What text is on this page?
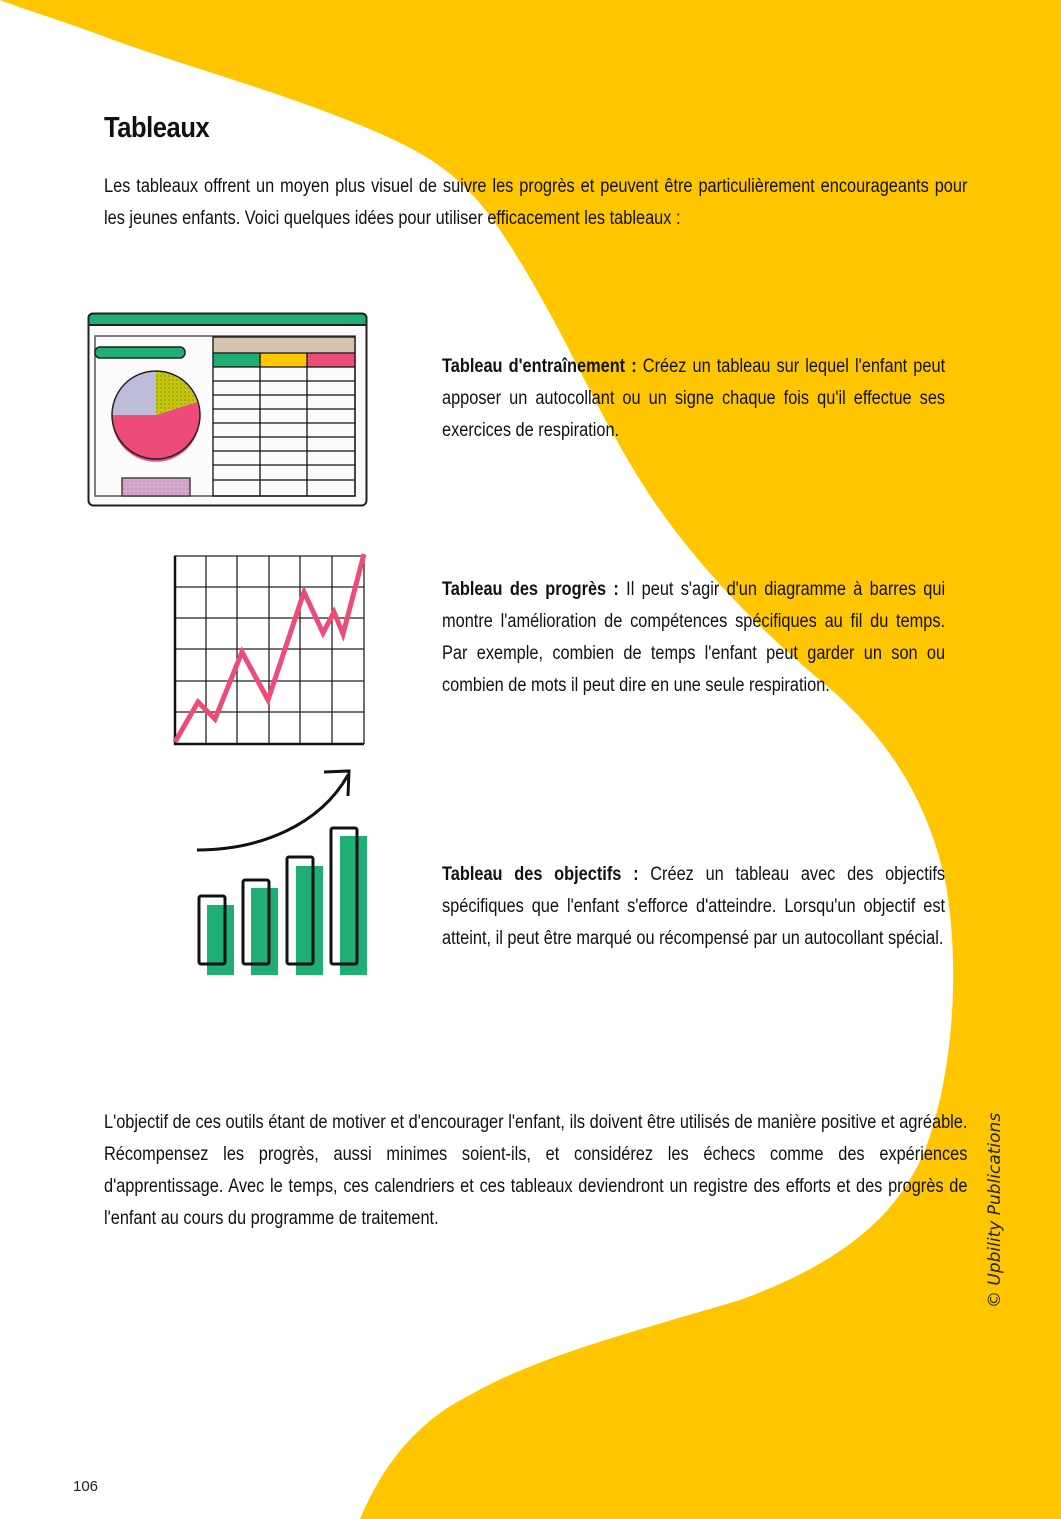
Tableaux
Les tableaux offrent un moyen plus visuel de suivre les progrès et peuvent être particulièrement encourageants pour les jeunes enfants. Voici quelques idées pour utiliser efficacement les tableaux :
Tableau d'entraînement : Créez un tableau sur lequel l'enfant peut apposer un autocollant ou un signe chaque fois qu'il effectue ses exercices de respiration.
Tableau des progrès : Il peut s'agir d'un diagramme à barres qui montre l'amélioration de compétences spécifiques au fil du temps. Par exemple, combien de temps l'enfant peut garder un son ou combien de mots il peut dire en une seule respiration.
Tableau des objectifs : Créez un tableau avec des objectifs spécifiques que l'enfant s'efforce d'atteindre. Lorsqu'un objectif est atteint, il peut être marqué ou récompensé par un autocollant spécial.
L'objectif de ces outils étant de motiver et d'encourager l'enfant, ils doivent être utilisés de manière positive et agréable. Récompensez les progrès, aussi minimes soient-ils, et considérez les échecs comme des expériences d'apprentissage. Avec le temps, ces calendriers et ces tableaux deviendront un registre des efforts et des progrès de l'enfant au cours du programme de traitement.	© Upbility Publications
106
